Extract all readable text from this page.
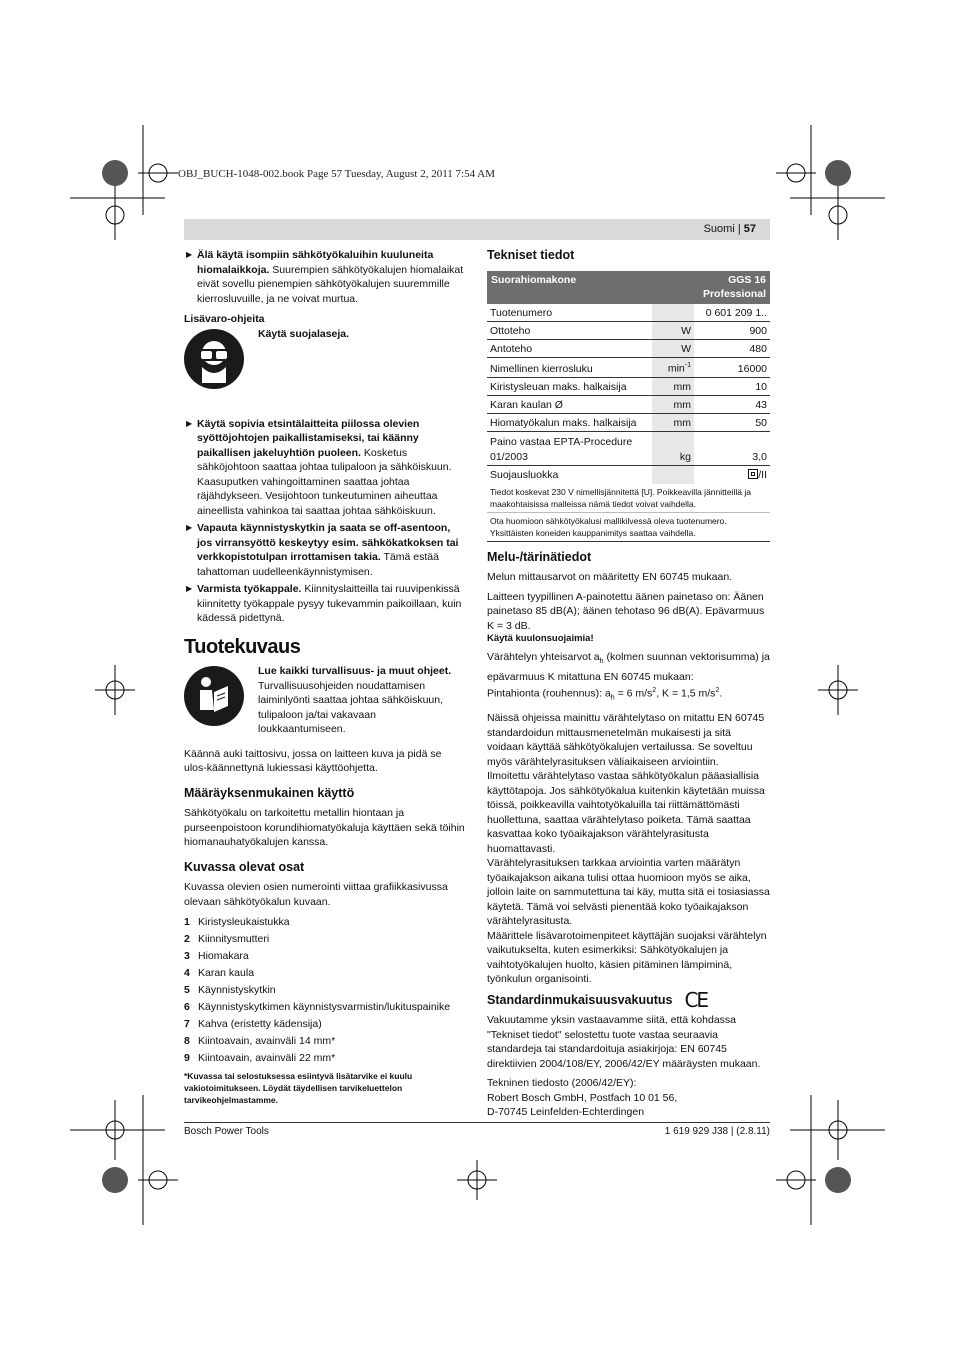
OBJ_BUCH-1048-002.book Page 57 Tuesday, August 2, 2011 7:54 AM
Suomi | 57
▶ Älä käytä isompiin sähkötyökaluihin kuuluneita hiomalaikkoja. Suurempien sähkötyökalujen hiomalaikat eivät sovellu pienempien sähkötyökalujen suuremmille kierrosluvuille, ja ne voivat murtua.
Lisävaro-ohjeita
Käytä suojalaseja.
▶ Käytä sopivia etsintälaitteita piilossa olevien syöttöjohtojen paikallistamiseksi, tai käänny paikallisen jakeluyhtiön puoleen. Kosketus sähköjohtoon saattaa johtaa tulipaloon ja sähköiskuun. Kaasuputken vahingoittaminen saattaa johtaa räjähdykseen. Vesijohtoon tunkeutuminen aiheuttaa aineellista vahinkoa tai saattaa johtaa sähköiskuun.
▶ Vapauta käynnistyskytkin ja saata se off-asentoon, jos virransyöttö keskeytyy esim. sähkökatkoksen tai verkkopistotulpan irrottamisen takia. Tämä estää tahattoman uudelleenkäynnistymisen.
▶ Varmista työkappale. Kiinnityslaitteilla tai ruuvipenkissä kiinnitetty työkappale pysyy tukevammin paikoillaan, kuin kädessä pidettynä.
Tuotekuvaus
Lue kaikki turvallisuus- ja muut ohjeet. Turvallisuusohjeiden noudattamisen laiminlyönti saattaa johtaa sähköiskuun, tulipaloon ja/tai vakavaan loukkaantumiseen.
Käännä auki taittosivu, jossa on laitteen kuva ja pidä se ulos-käännettynä lukiessasi käyttöohjetta.
Määräyksenmukainen käyttö
Sähkötyökalu on tarkoitettu metallin hiontaan ja purseenpoistoon korundihiomatyökaluja käyttäen sekä töihin hiomanauhatyökalujen kanssa.
Kuvassa olevat osat
Kuvassa olevien osien numerointi viittaa grafiikkasivussa olevaan sähkötyökalun kuvaan.
1 Kiristysleukaistukka
2 Kiinnitysmutteri
3 Hiomakara
4 Karan kaula
5 Käynnistyskytkin
6 Käynnistyskytkimen käynnistysvarmistin/lukituspainike
7 Kahva (eristetty kädensija)
8 Kiintoavain, avainväli 14 mm*
9 Kiintoavain, avainväli 22 mm*
*Kuvassa tai selostuksessa esiintyvä lisätarvike ei kuulu vakiotoimitukseen. Löydät täydellisen tarvikeluettelon tarvikeohjelmastamme.
Tekniset tiedot
Suorahiomakone		GGS 16
Professional
Tuotenumero		0 601 209 1..
Ottoteho	W	900
Antoteho	W	480
Nimellinen kierrosluku	$\min^{-1}$	16000
Kiristysleuan maks. halkaisija	mm	10
Karan kaulan Ø	mm	43
Hiomatyökalun maks. halkaisija	mm	50
Paino vastaa EPTA-Procedure 01/2003	kg	3,0
Suojausluokka		/II
Tiedot koskevat 230 V nimellisjännitettä [U]. Poikkeavilla jännitteillä ja maakohtaisissa malleissa nämä tiedot voivat vaihdella.		
Ota huomioon sähkötyökalusi mallikilvessä oleva tuotenumero. Yksittäisten koneiden kauppanimitys saattaa vaihdella.		
Melu-/tärinätiedot
Melun mittausarvot on määritetty EN 60745 mukaan.
Laitteen tyypillinen A-painotettu äänen painetaso on: Äänen painetaso 85 dB(A); äänen tehotaso 96 dB(A). Epävarmuus K = 3 dB.
Käytä kuulonsuojaimia!
Värähtelyn yhteisarvot $a_h$ (kolmen suunnan vektorisumma) ja epävarmuus K mitattuna EN 60745 mukaan:
Pintahionta (rouhennus): $a_h = 6$ $m/s^2$, K = 1,5 $m/s^2$.
Näissä ohjeissa mainittu värähtelytaso on mitattu EN 60745 standardoidun mittausmenetelmän mukaisesti ja sitä voidaan käyttää sähkötyökalujen vertailussa. Se soveltuu myös värähtelyrasituksen väliaikaiseen arviointiin.
Ilmoitettu värähtelytaso vastaa sähkötyökalun pääasiallisia käyttötapoja. Jos sähkötyökalua kuitenkin käytetään muissa töissä, poikkeavilla vaihtotyökaluilla tai riittämättömästi huollettuna, saattaa värähtelytaso poiketa. Tämä saattaa kasvattaa koko työaikajakson värähtelyrasitusta huomattavasti.
Värähtelyrasituksen tarkkaa arviointia varten määrätyn työaikajakson aikana tulisi ottaa huomioon myös se aika, jolloin laite on sammutettuna tai käy, mutta sitä ei tosiasiassa käytetä. Tämä voi selvästi pienentää koko työaikajakson värähtelyrasitusta.
Määrittele lisävarotoimenpiteet käyttäjän suojaksi värähtelyn vaikutukselta, kuten esimerkiksi: Sähkötyökalujen ja vaihtotyökalujen huolto, käsien pitäminen lämpiminä, työnkulun organisointi.
Standardinmukaisuusvakuutus CE
Vakuutamme yksin vastaavamme siitä, että kohdassa "Tekniset tiedot" selostettu tuote vastaa seuraavia standardeja tai standardoituja asiakirjoja: EN 60745 direktiivien 2004/108/EY, 2006/42/EY määräysten mukaan.
Tekninen tiedosto (2006/42/EY):
Robert Bosch GmbH, Postfach 10 01 56,
D-70745 Leinfelden-Echterdingen
Bosch Power Tools	1 619 929 J38 | (2.8.11)
